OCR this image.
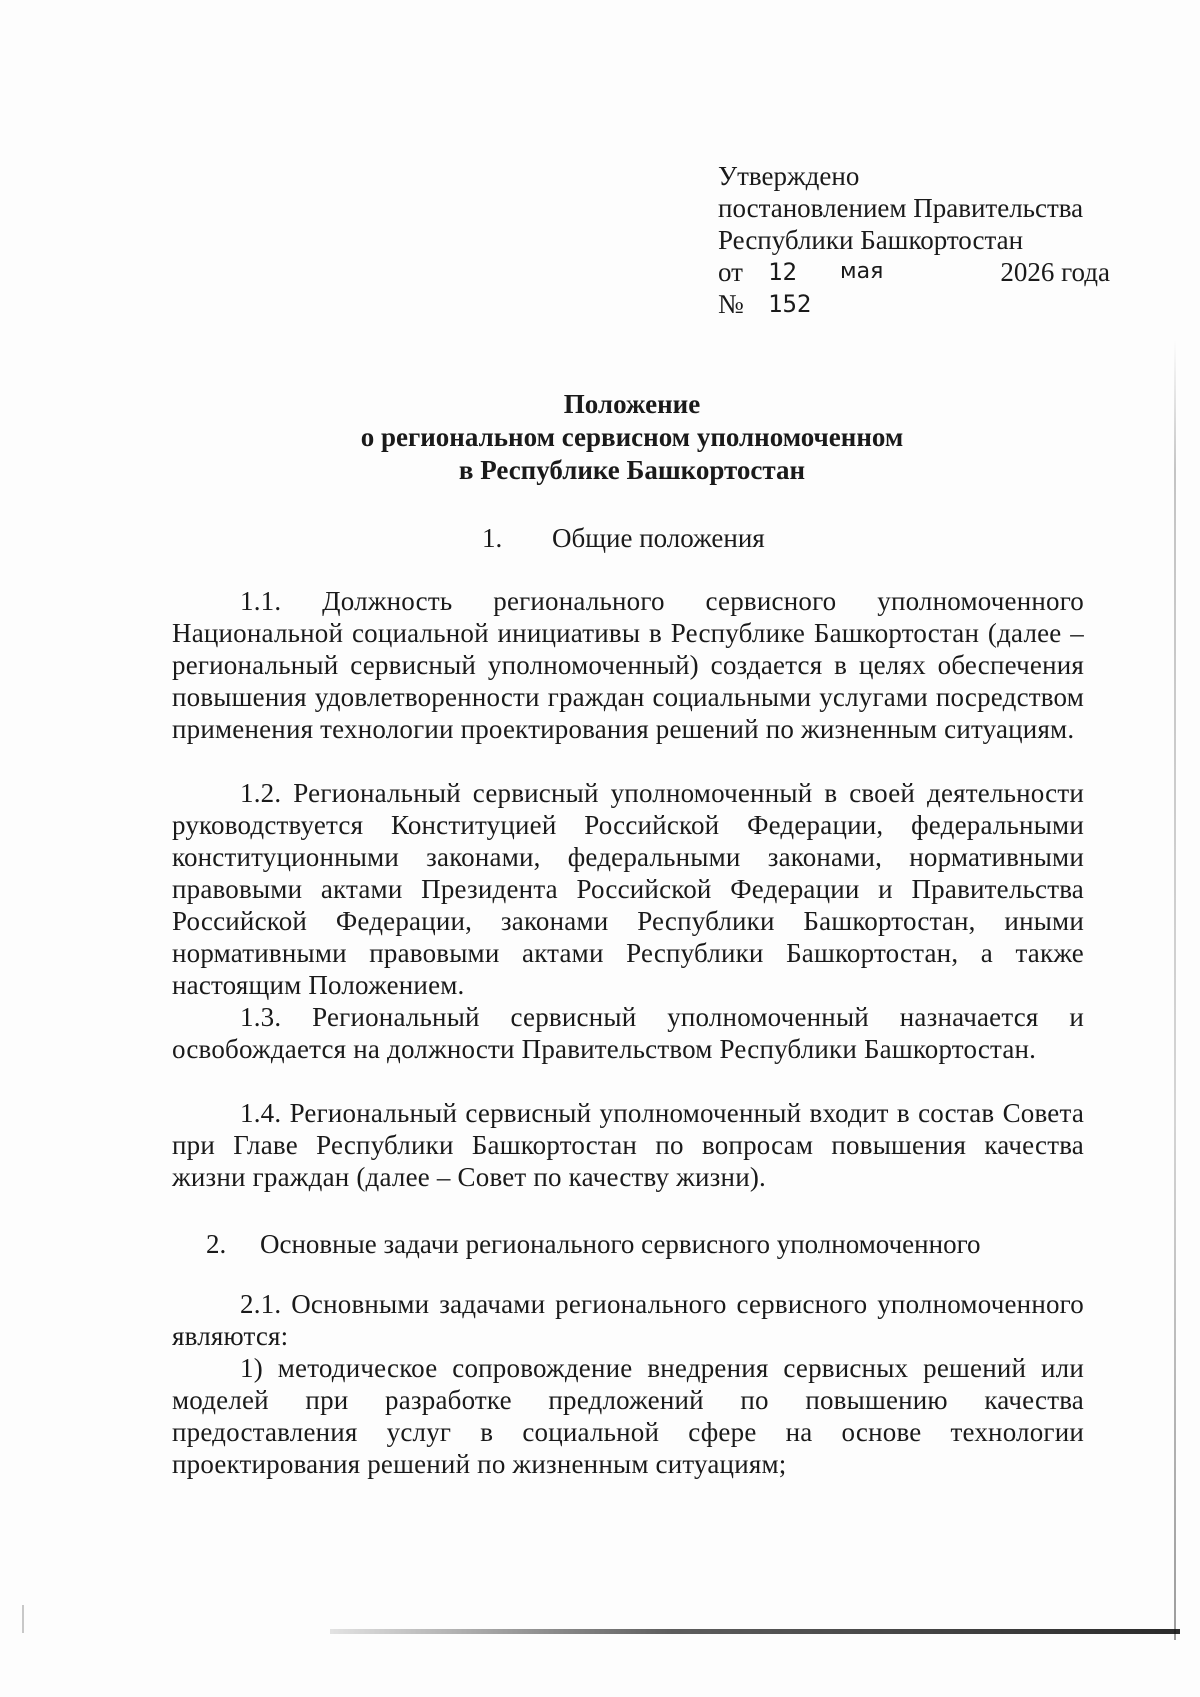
Утверждено
постановлением Правительства
Республики Башкортостан
от 12 мая	2026 года
№ 152
Положение
о региональном сервисном уполномоченном
в Республике Башкортостан
1. Общие положения
1.1. Должность регионального сервисного уполномоченного Национальной социальной инициативы в Республике Башкортостан (далее – региональный сервисный уполномоченный) создается в целях обеспечения повышения удовлетворенности граждан социальными услугами посредством применения технологии проектирования решений по жизненным ситуациям.
1.2. Региональный сервисный уполномоченный в своей деятельности руководствуется Конституцией Российской Федерации, федеральными конституционными законами, федеральными законами, нормативными правовыми актами Президента Российской Федерации и Правительства Российской Федерации, законами Республики Башкортостан, иными нормативными правовыми актами Республики Башкортостан, а также настоящим Положением.
1.3. Региональный сервисный уполномоченный назначается и освобождается на должности Правительством Республики Башкортостан.
1.4. Региональный сервисный уполномоченный входит в состав Совета при Главе Республики Башкортостан по вопросам повышения качества жизни граждан (далее – Совет по качеству жизни).
2. Основные задачи регионального сервисного уполномоченного
2.1. Основными задачами регионального сервисного уполномоченного являются:
1) методическое сопровождение внедрения сервисных решений или моделей при разработке предложений по повышению качества предоставления услуг в социальной сфере на основе технологии проектирования решений по жизненным ситуациям;
